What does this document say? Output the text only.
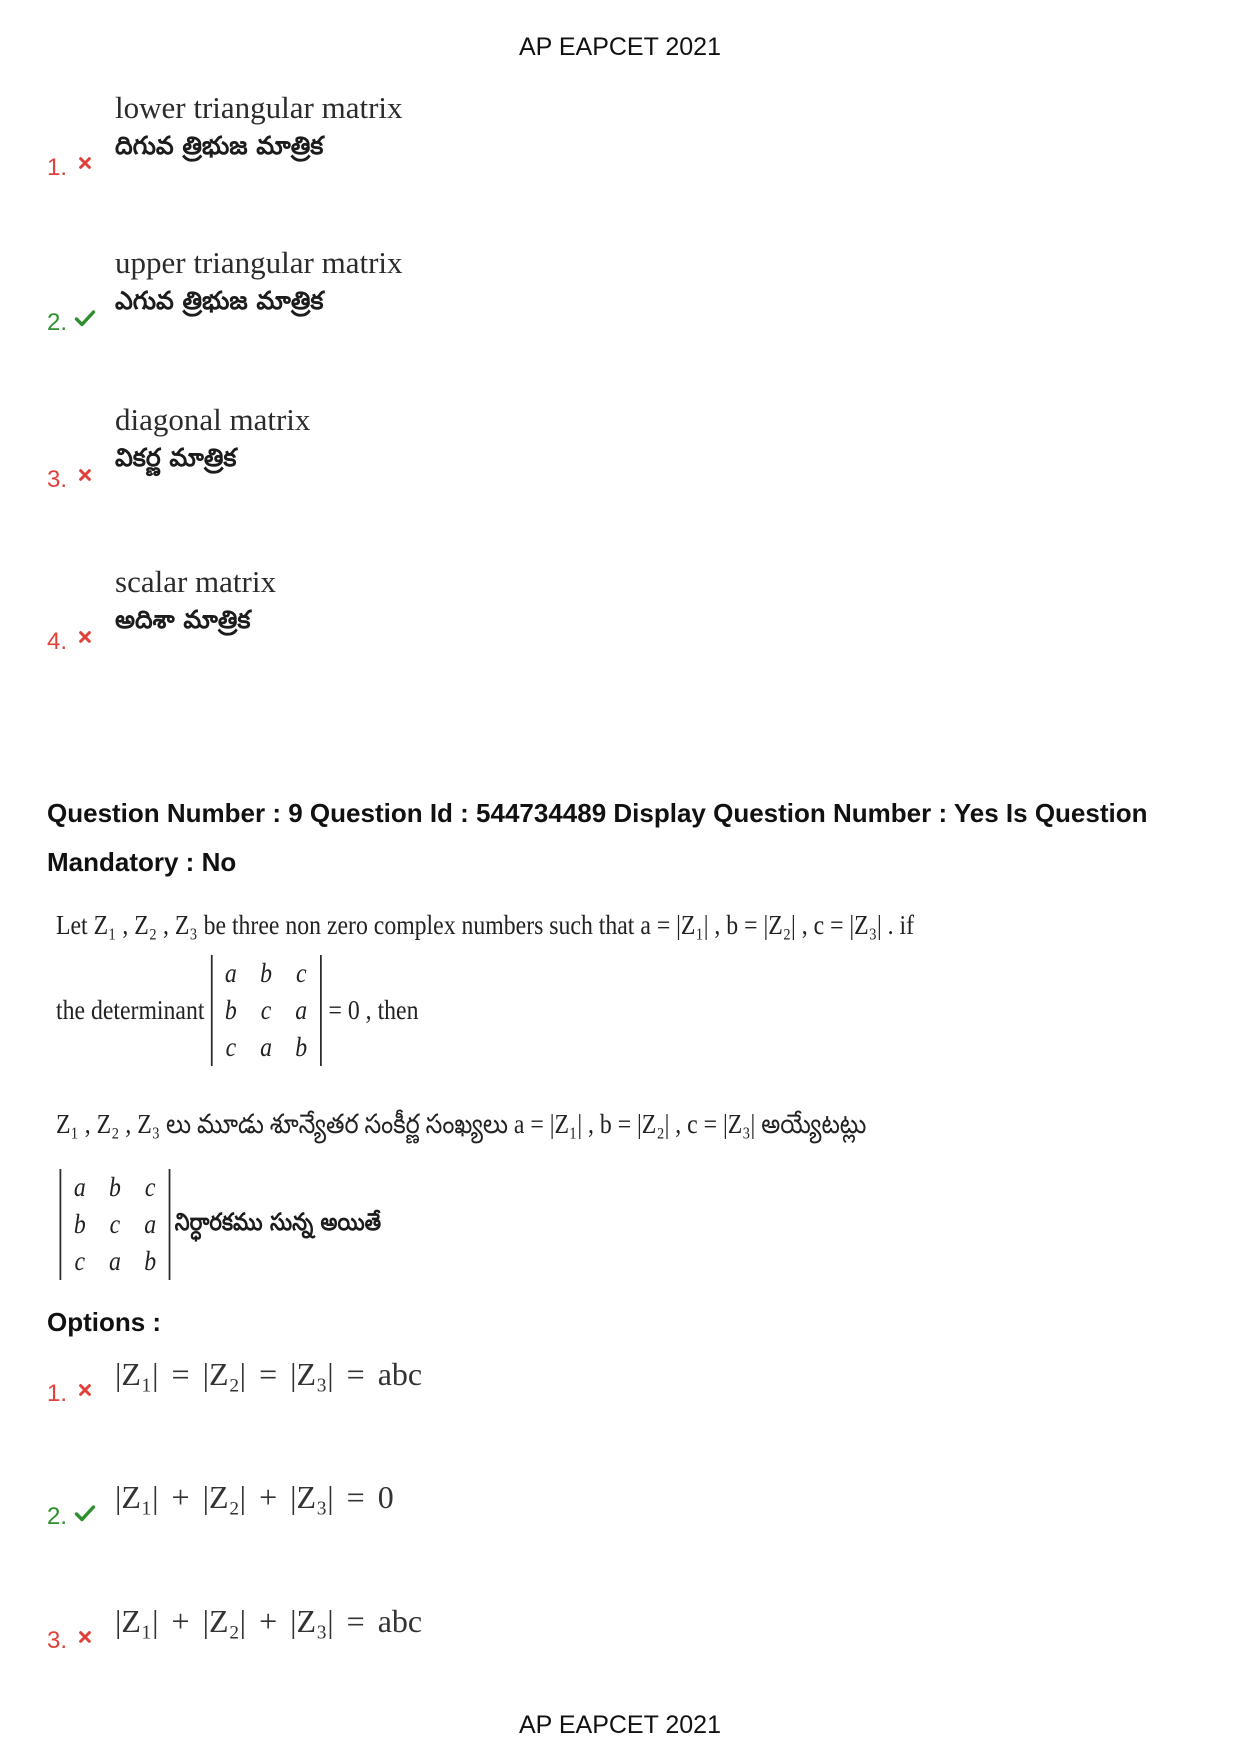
AP EAPCET 2021
1.
lower triangular matrix
దిగువ త్రిభుజ మాత్రిక
2.
upper triangular matrix
ఎగువ త్రిభుజ మాత్రిక
3.
diagonal matrix
వికర్ణ మాత్రిక
4.
scalar matrix
అదిశా మాత్రిక
Question Number : 9 Question Id : 544734489 Display Question Number : Yes Is Question Mandatory : No
Let Z₁ , Z₂ , Z₃ be three non zero complex numbers such that a = |Z₁| , b = |Z₂| , c = |Z₃| . if
the determinant
a b c
b c a
c a b
= 0 , then
Z₁ , Z₂ , Z₃ లు మూడు శూన్యేతర సంకీర్ణ సంఖ్యలు a = |Z₁| , b = |Z₂| , c = |Z₃| అయ్యేటట్లు
a b c
b c a
c a b
నిర్ధారకము సున్న అయితే
Options :
1.
|Z₁| = |Z₂| = |Z₃| = abc
2.
|Z₁| + |Z₂| + |Z₃| = 0
3.
|Z₁| + |Z₂| + |Z₃| = abc
AP EAPCET 2021
